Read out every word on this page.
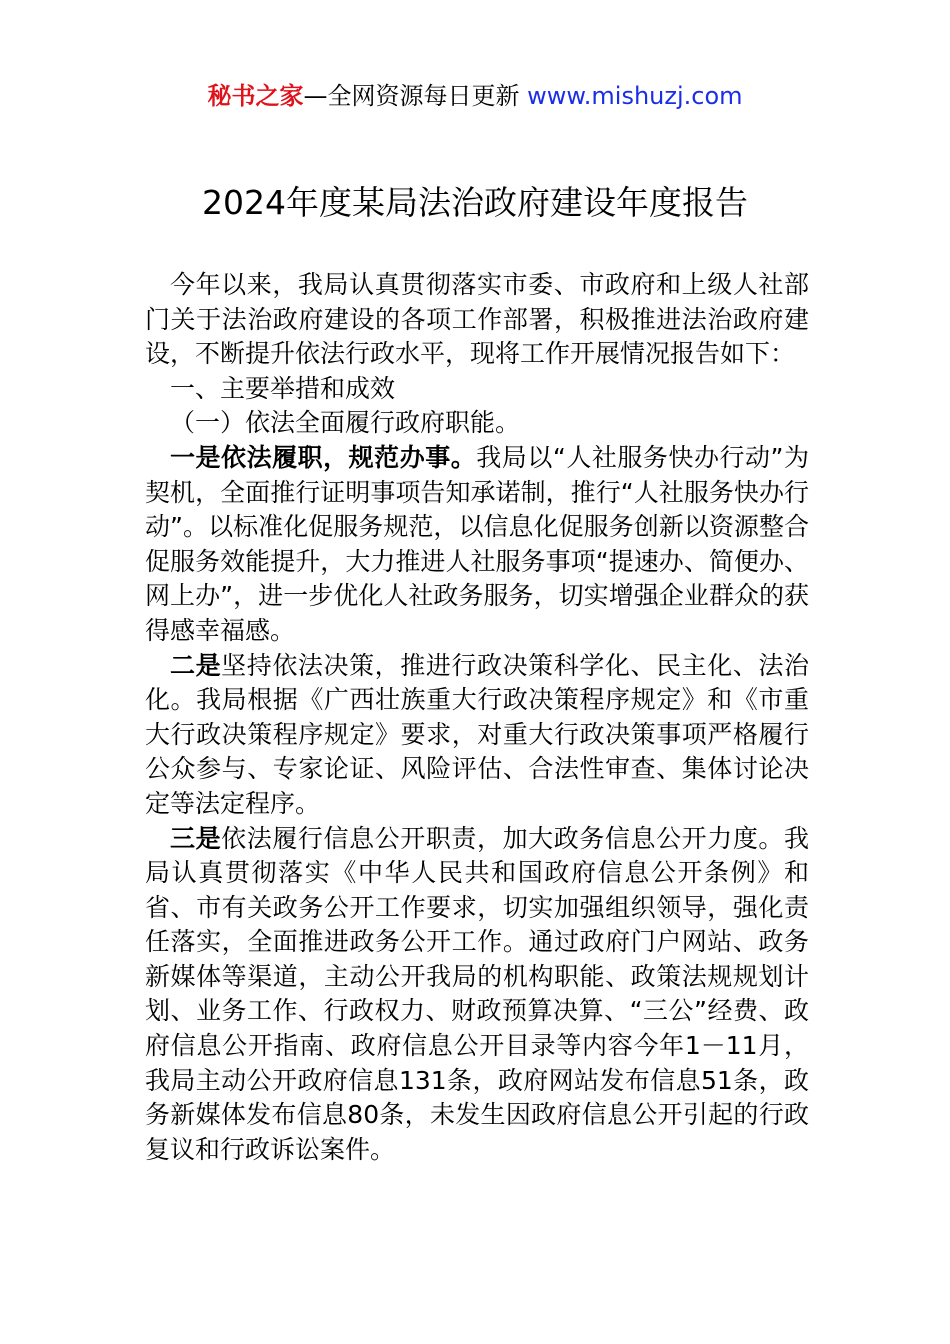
秘书之家—全网资源每日更新 www.mishuzj.com
2024年度某局法治政府建设年度报告

今年以来，我局认真贯彻落实市委、市政府和上级人社部门关于法治政府建设的各项工作部署，积极推进法治政府建设，不断提升依法行政水平，现将工作开展情况报告如下：

一、主要举措和成效

（一）依法全面履行政府职能。

一是依法履职，规范办事。我局以“人社服务快办行动”为契机，全面推行证明事项告知承诺制，推行“人社服务快办行动”。以标准化促服务规范，以信息化促服务创新以资源整合促服务效能提升，大力推进人社服务事项“提速办、简便办、网上办”，进一步优化人社政务服务，切实增强企业群众的获得感幸福感。

二是坚持依法决策，推进行政决策科学化、民主化、法治化。我局根据《广西壮族重大行政决策程序规定》和《市重大行政决策程序规定》要求，对重大行政决策事项严格履行公众参与、专家论证、风险评估、合法性审查、集体讨论决定等法定程序。

三是依法履行信息公开职责，加大政务信息公开力度。我局认真贯彻落实《中华人民共和国政府信息公开条例》和省、市有关政务公开工作要求，切实加强组织领导，强化责任落实，全面推进政务公开工作。通过政府门户网站、政务新媒体等渠道，主动公开我局的机构职能、政策法规规划计划、业务工作、行政权力、财政预算决算、“三公”经费、政府信息公开指南、政府信息公开目录等内容今年1－11月，我局主动公开政府信息131条，政府网站发布信息51条，政务新媒体发布信息80条，未发生因政府信息公开引起的行政复议和行政诉讼案件。
